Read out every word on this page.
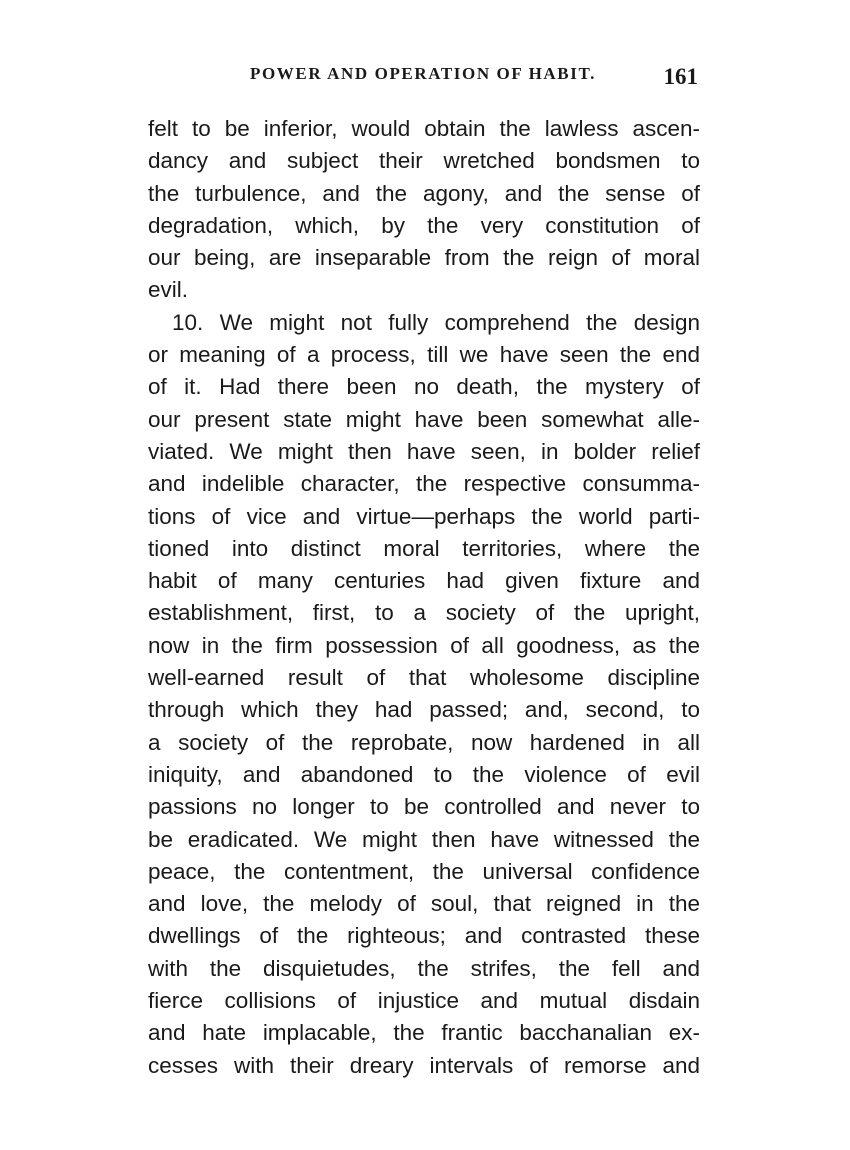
POWER AND OPERATION OF HABIT.	161
felt to be inferior, would obtain the lawless ascen-
dancy and subject their wretched bondsmen to
the turbulence, and the agony, and the sense of
degradation, which, by the very constitution of
our being, are inseparable from the reign of moral
evil.
10. We might not fully comprehend the design
or meaning of a process, till we have seen the end
of it. Had there been no death, the mystery of
our present state might have been somewhat alle-
viated. We might then have seen, in bolder relief
and indelible character, the respective consumma-
tions of vice and virtue—perhaps the world parti-
tioned into distinct moral territories, where the
habit of many centuries had given fixture and
establishment, first, to a society of the upright,
now in the firm possession of all goodness, as the
well-earned result of that wholesome discipline
through which they had passed; and, second, to
a society of the reprobate, now hardened in all
iniquity, and abandoned to the violence of evil
passions no longer to be controlled and never to
be eradicated. We might then have witnessed the
peace, the contentment, the universal confidence
and love, the melody of soul, that reigned in the
dwellings of the righteous; and contrasted these
with the disquietudes, the strifes, the fell and
fierce collisions of injustice and mutual disdain
and hate implacable, the frantic bacchanalian ex-
cesses with their dreary intervals of remorse and
